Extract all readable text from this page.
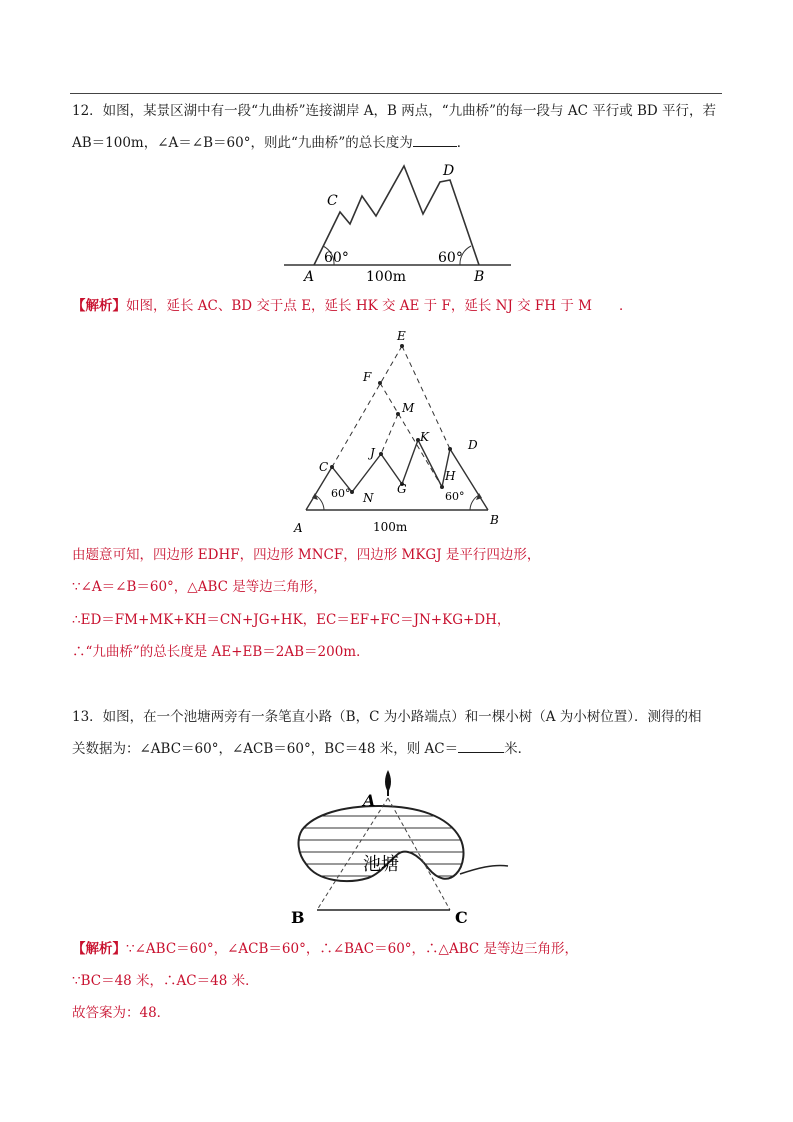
12．如图，某景区湖中有一段“九曲桥”连接湖岸 A，B 两点，“九曲桥”的每一段与 AC 平行或 BD 平行，若
AB＝100m，∠A＝∠B＝60°，则此“九曲桥”的总长度为	．
C
D
A	B
60°	60°
100m
【解析】如图，延长 AC、BD 交于点 E，延长 HK 交 AE 于 F，延长 NJ 交 FH 于 M　　．
E
F
M
K
D
J
C
H
G
N
A
B
60°	60°
100m
由题意可知，四边形 EDHF，四边形 MNCF，四边形 MKGJ 是平行四边形，
∵∠A＝∠B＝60°，△ABC 是等边三角形，
∴ED＝FM+MK+KH＝CN+JG+HK，EC＝EF+FC＝JN+KG+DH，
∴“九曲桥”的总长度是 AE+EB＝2AB＝200m．
13．如图，在一个池塘两旁有一条笔直小路（B，C 为小路端点）和一棵小树（A 为小树位置）．测得的相
关数据为：∠ABC＝60°，∠ACB＝60°，BC＝48 米，则 AC＝	米．
A
B	C
池塘
【解析】∵∠ABC＝60°，∠ACB＝60°，∴∠BAC＝60°，∴△ABC 是等边三角形，
∵BC＝48 米，∴AC＝48 米．
故答案为：48．
